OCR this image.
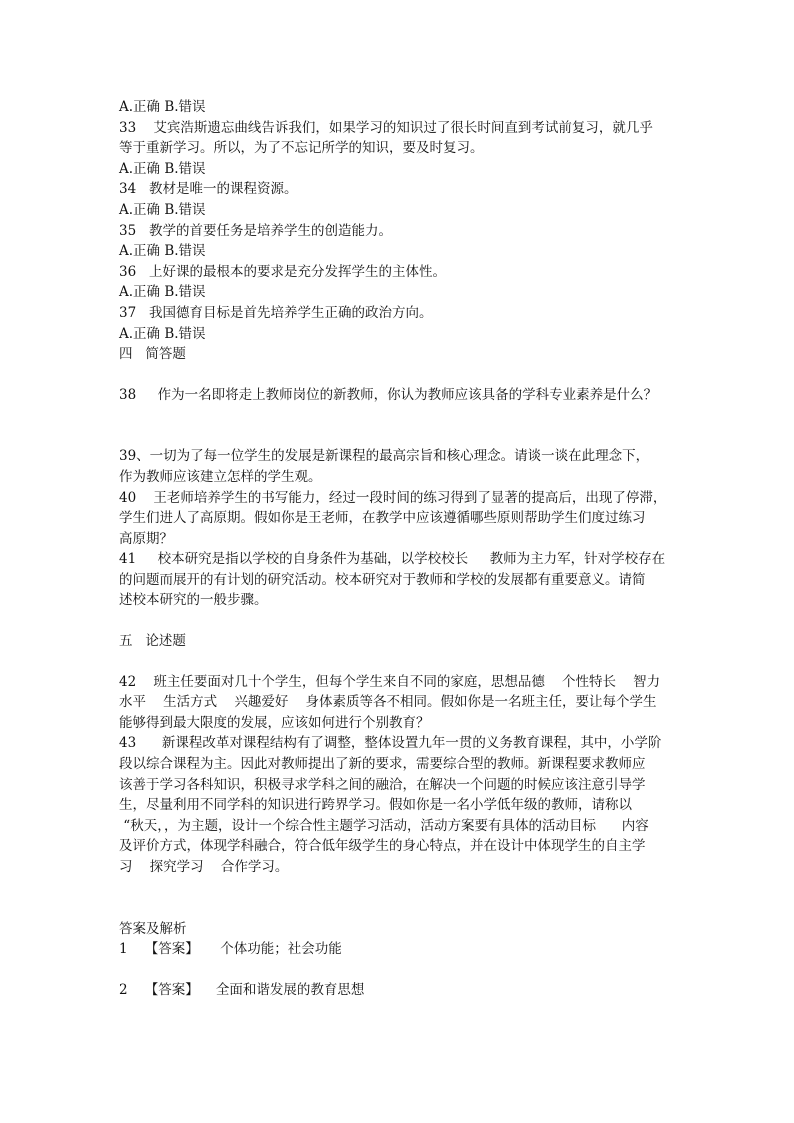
A.正确 B.错误
33    艾宾浩斯遗忘曲线告诉我们，如果学习的知识过了很长时间直到考试前复习，就几乎
等于重新学习。所以，为了不忘记所学的知识，要及时复习。
A.正确 B.错误
34   教材是唯一的课程资源。
A.正确 B.错误
35   教学的首要任务是培养学生的创造能力。
A.正确 B.错误
36   上好课的最根本的要求是充分发挥学生的主体性。
A.正确 B.错误
37   我国德育目标是首先培养学生正确的政治方向。
A.正确 B.错误
四   简答题
38     作为一名即将走上教师岗位的新教师，你认为教师应该具备的学科专业素养是什么？
39、一切为了每一位学生的发展是新课程的最高宗旨和核心理念。请谈一谈在此理念下，
作为教师应该建立怎样的学生观。
40    王老师培养学生的书写能力，经过一段时间的练习得到了显著的提高后，出现了停滞，
学生们进人了高原期。假如你是王老师，在教学中应该遵循哪些原则帮助学生们度过练习
高原期？
41     校本研究是指以学校的自身条件为基础，以学校校长     教师为主力军，针对学校存在
的问题而展开的有计划的研究活动。校本研究对于教师和学校的发展都有重要意义。请简
述校本研究的一般步骤。
五   论述题
42    班主任要面对几十个学生，但每个学生来自不同的家庭，思想品德    个性特长    智力
水平    生活方式    兴趣爱好    身体素质等各不相同。假如你是一名班主任，要让每个学生
能够得到最大限度的发展，应该如何进行个别教育？
43      新课程改革对课程结构有了调整，整体设置九年一贯的义务教育课程，其中，小学阶
段以综合课程为主。因此对教师提出了新的要求，需要综合型的教师。新课程要求教师应
该善于学习各科知识，积极寻求学科之间的融洽，在解决一个问题的时候应该注意引导学
生，尽量利用不同学科的知识进行跨界学习。假如你是一名小学低年级的教师，请称以
“秋天，，为主题，设计一个综合性主题学习活动，活动方案要有具体的活动目标      内容
及评价方式，体现学科融合，符合低年级学生的身心特点，并在设计中体现学生的自主学
习    探究学习    合作学习。
答案及解析
1    【答案】     个体功能；社会功能
2    【答案】    全面和谐发展的教育思想
